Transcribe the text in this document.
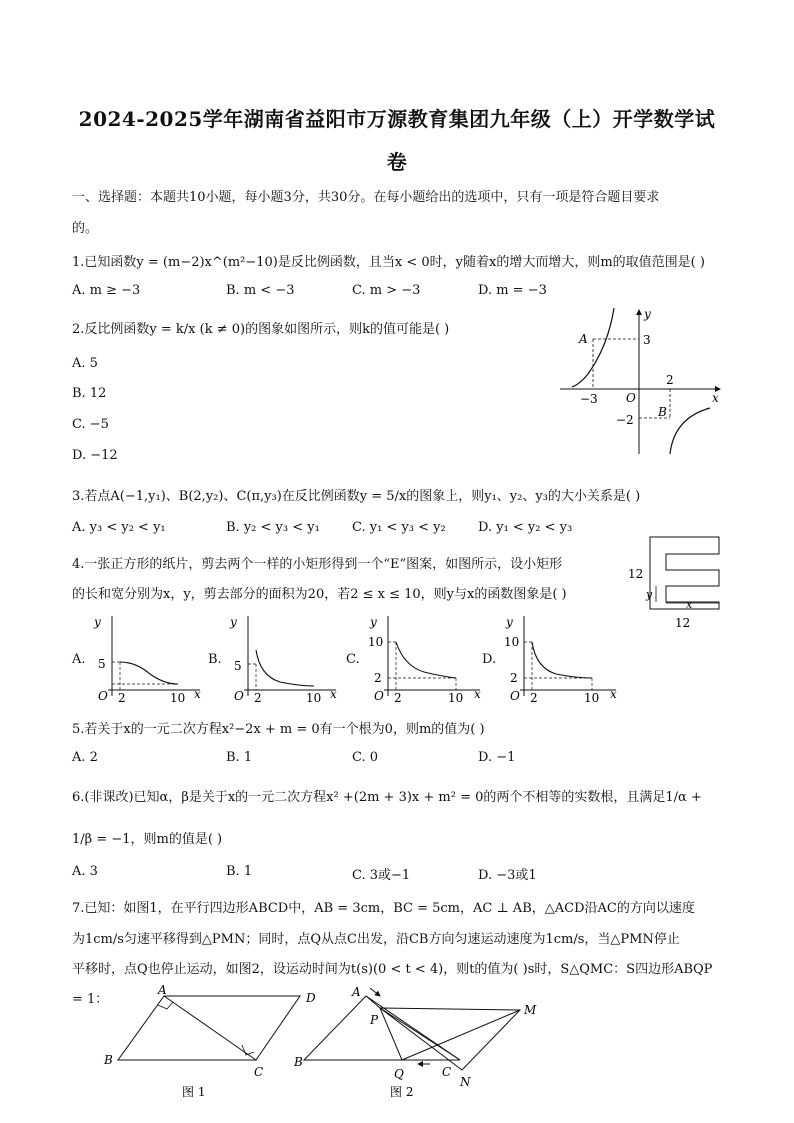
2024-2025学年湖南省益阳市万源教育集团九年级（上）开学数学试
卷
一、选择题：本题共10小题，每小题3分，共30分。在每小题给出的选项中，只有一项是符合题目要求
的。
1.已知函数y = (m−2)x^(m²−10)是反比例函数，且当x < 0时，y随着x的增大而增大，则m的取值范围是( )
A. m ≥ −3	B. m < −3	C. m > −3	D. m = −3
2.反比例函数y = k/x (k ≠ 0)的图象如图所示，则k的值可能是( )
A. 5
B. 12
C. −5
D. −12
y
x
O
A
B
3
−3
2
−2
3.若点A(−1,y₁)、B(2,y₂)、C(π,y₃)在反比例函数y = 5/x的图象上，则y₁、y₂、y₃的大小关系是( )
A. y₃ < y₂ < y₁	B. y₂ < y₃ < y₁ C. y₁ < y₃ < y₂ D. y₁ < y₂ < y₃
4.一张正方形的纸片，剪去两个一样的小矩形得到一个“E”图案，如图所示，设小矩形
的长和宽分别为x，y，剪去部分的面积为20，若2 ≤ x ≤ 10，则y与x的函数图象是( )
12
12
x
y
A.
y
x
O
5
2	10
B.
y
x
O
5
2	10
C.
y
x
O
10
2
2	10
D.
y
x
O
10
2
2	10
5.若关于x的一元二次方程x²−2x + m = 0有一个根为0，则m的值为( )
A. 2	B. 1	C. 0	D. −1
6.(非课改)已知α，β是关于x的一元二次方程x² +(2m + 3)x + m² = 0的两个不相等的实数根，且满足1/α +
1/β = −1，则m的值是( )
A. 3	B. 1	C. 3或−1	D. −3或1
7.已知：如图1，在平行四边形ABCD中，AB = 3cm，BC = 5cm，AC ⊥ AB，△ACD沿AC的方向以速度
为1cm/s匀速平移得到△PMN；同时，点Q从点C出发，沿CB方向匀速运动速度为1cm/s，当△PMN停止
平移时，点Q也停止运动，如图2，设运动时间为t(s)(0 < t < 4)，则t的值为( )s时，S△QMC：S四边形ABQP
= 1：
A
D
B
C
图 1
A
B
C
P
Q
M
N
图 2
